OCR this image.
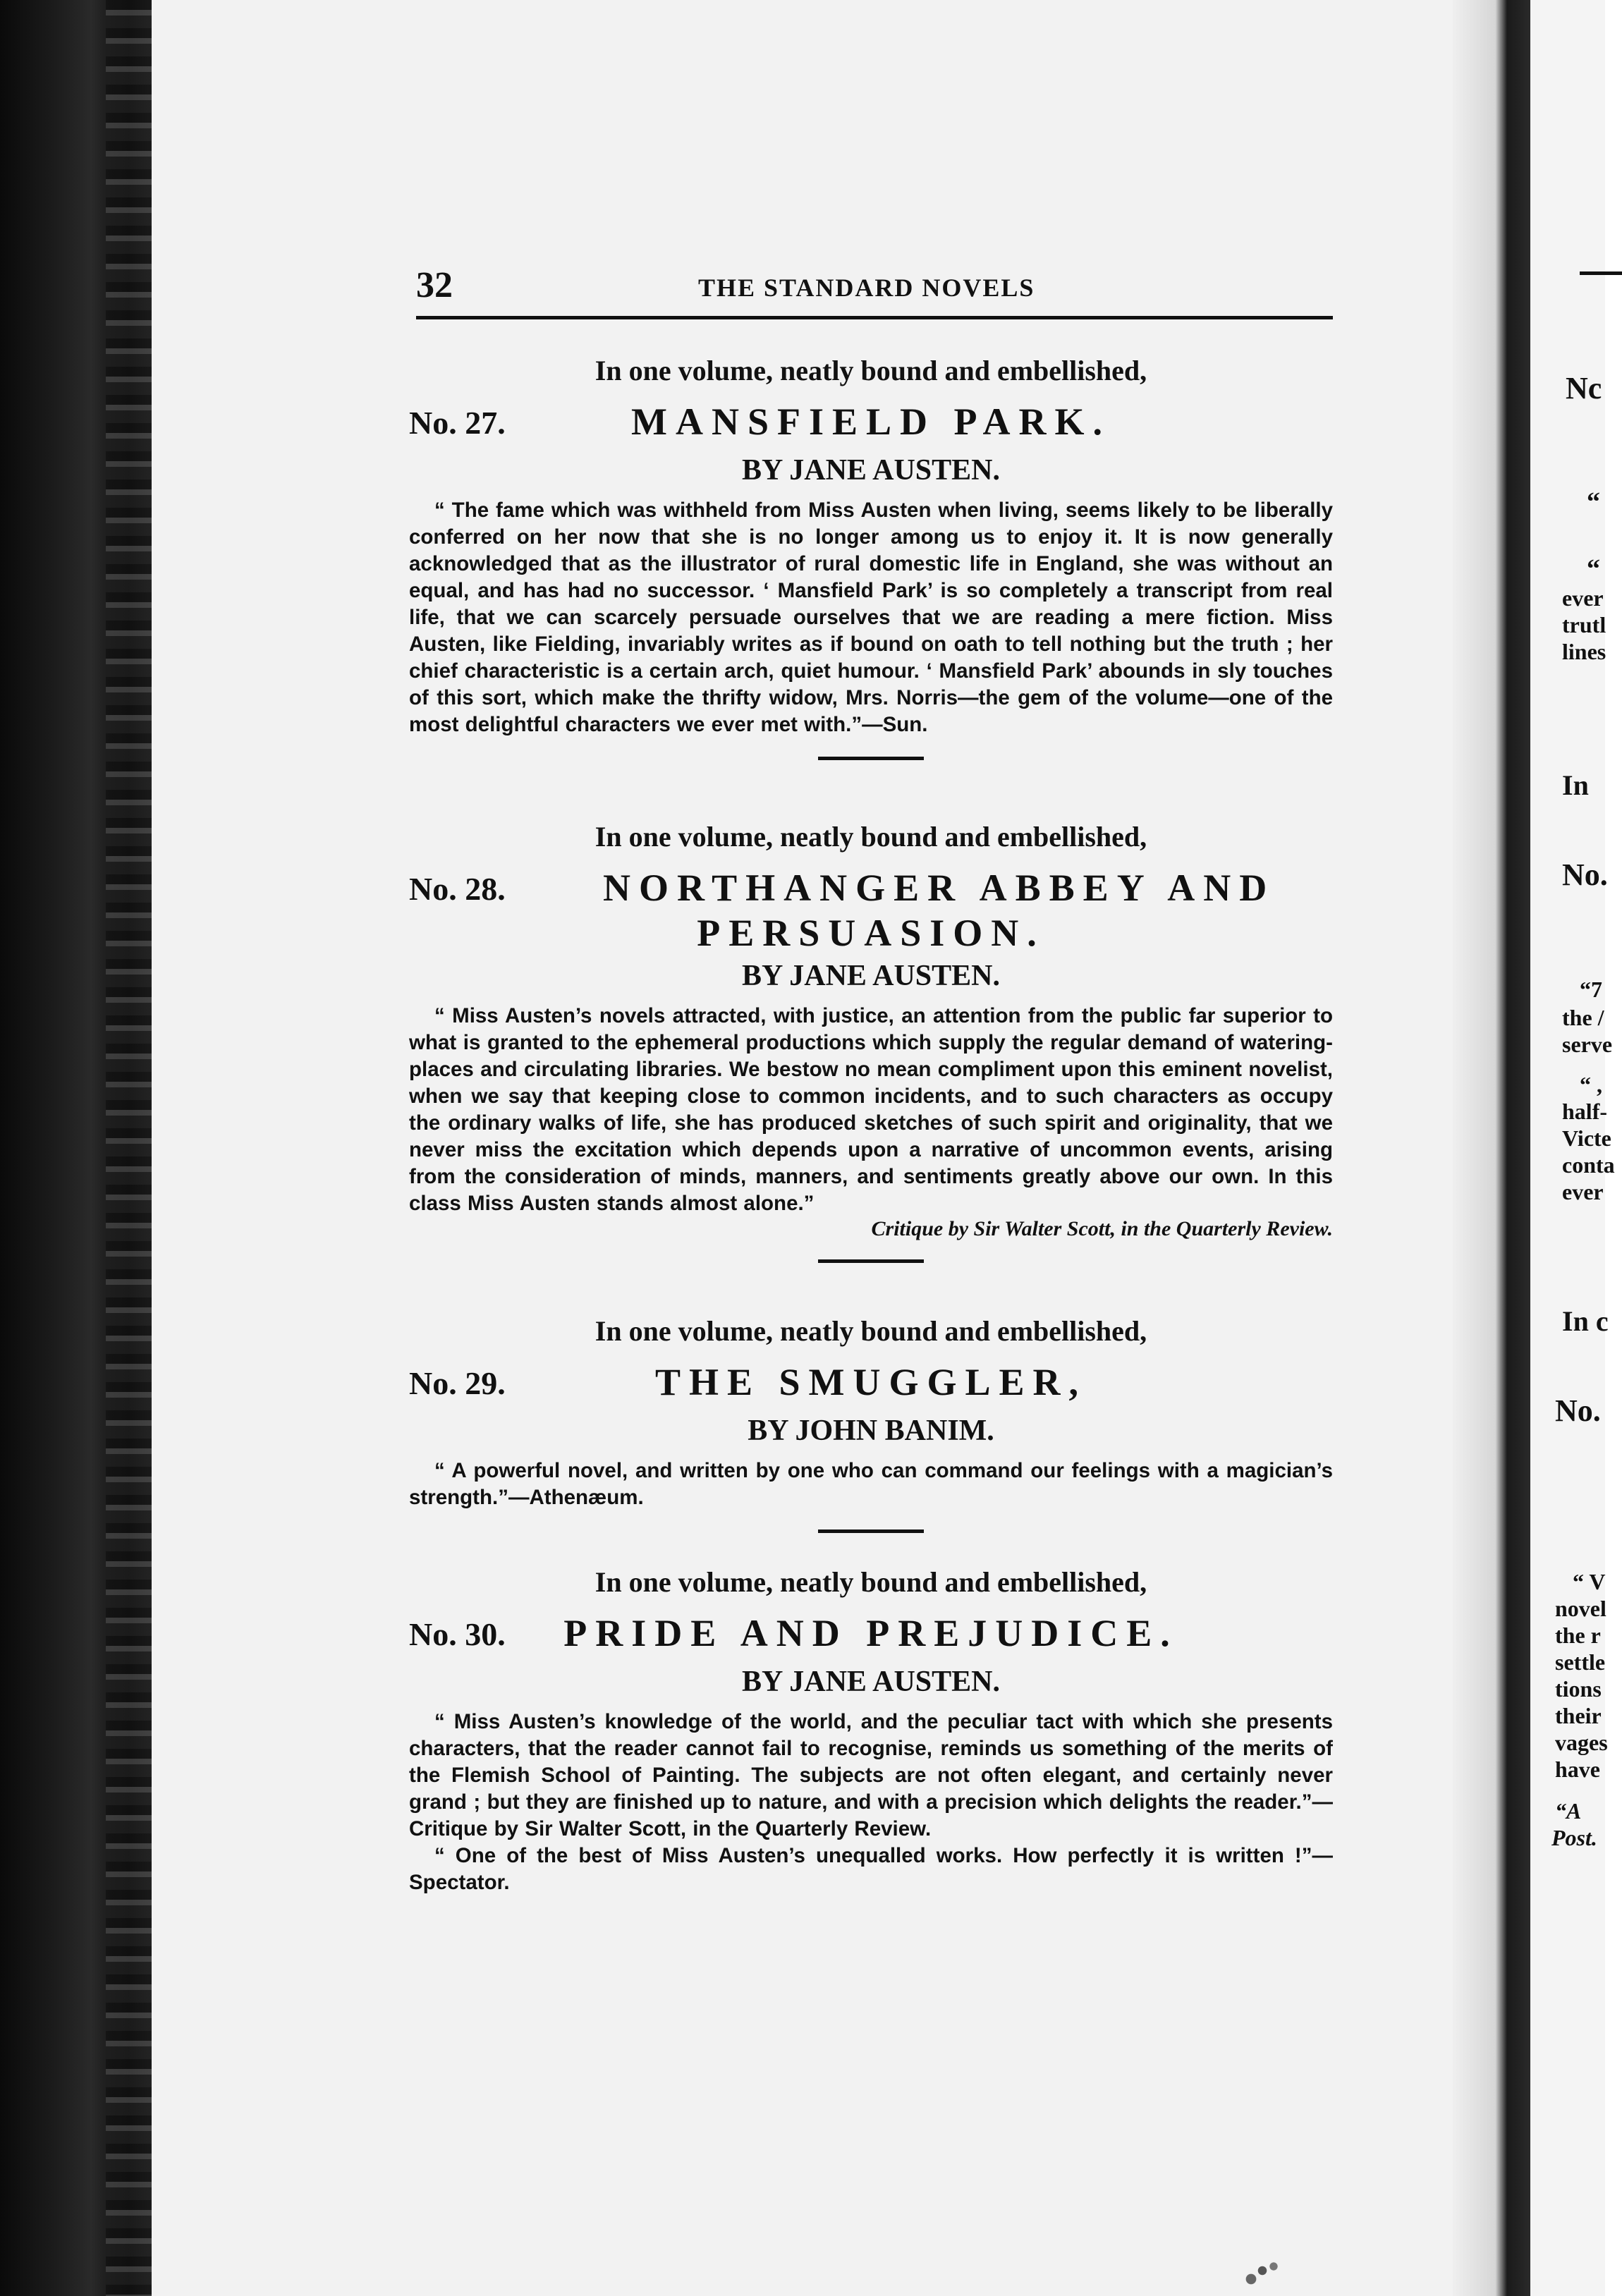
Nc
“
“
ever
trutl
lines
In
No.
“7
the /
serve
“ ,
half-
Victe
conta
ever
In c
No.
“ V
novel
the r
settle
tions
their
vages
have
“A
Post.
32	THE STANDARD NOVELS

In one volume, neatly bound and embellished,

No. 27.	MANSFIELD PARK.
BY JANE AUSTEN.

“ The fame which was withheld from Miss Austen when living, seems likely to be liberally conferred on her now that she is no longer among us to enjoy it. It is now generally acknowledged that as the illustrator of rural domestic life in England, she was without an equal, and has had no successor. ‘ Mansfield Park’ is so completely a transcript from real life, that we can scarcely persuade ourselves that we are reading a mere fiction. Miss Austen, like Fielding, invariably writes as if bound on oath to tell nothing but the truth ; her chief characteristic is a certain arch, quiet humour. ‘ Mansfield Park’ abounds in sly touches of this sort, which make the thrifty widow, Mrs. Norris—the gem of the volume—one of the most delightful characters we ever met with.”—Sun.

In one volume, neatly bound and embellished,

No. 28.	NORTHANGER ABBEY AND
PERSUASION.
BY JANE AUSTEN.

“ Miss Austen’s novels attracted, with justice, an attention from the public far superior to what is granted to the ephemeral productions which supply the regular demand of watering-places and circulating libraries. We bestow no mean compliment upon this eminent novelist, when we say that keeping close to common incidents, and to such characters as occupy the ordinary walks of life, she has produced sketches of such spirit and originality, that we never miss the excitation which depends upon a narrative of uncommon events, arising from the consideration of minds, manners, and sentiments greatly above our own. In this class Miss Austen stands almost alone.”

Critique by Sir Walter Scott, in the Quarterly Review.

In one volume, neatly bound and embellished,

No. 29.	THE SMUGGLER,
BY JOHN BANIM.

“ A powerful novel, and written by one who can command our feelings with a magician’s strength.”—Athenæum.

In one volume, neatly bound and embellished,

No. 30.	PRIDE AND PREJUDICE.
BY JANE AUSTEN.

“ Miss Austen’s knowledge of the world, and the peculiar tact with which she presents characters, that the reader cannot fail to recognise, reminds us something of the merits of the Flemish School of Painting. The subjects are not often elegant, and certainly never grand ; but they are finished up to nature, and with a precision which delights the reader.”—Critique by Sir Walter Scott, in the Quarterly Review.

“ One of the best of Miss Austen’s unequalled works. How perfectly it is written !”—Spectator.
